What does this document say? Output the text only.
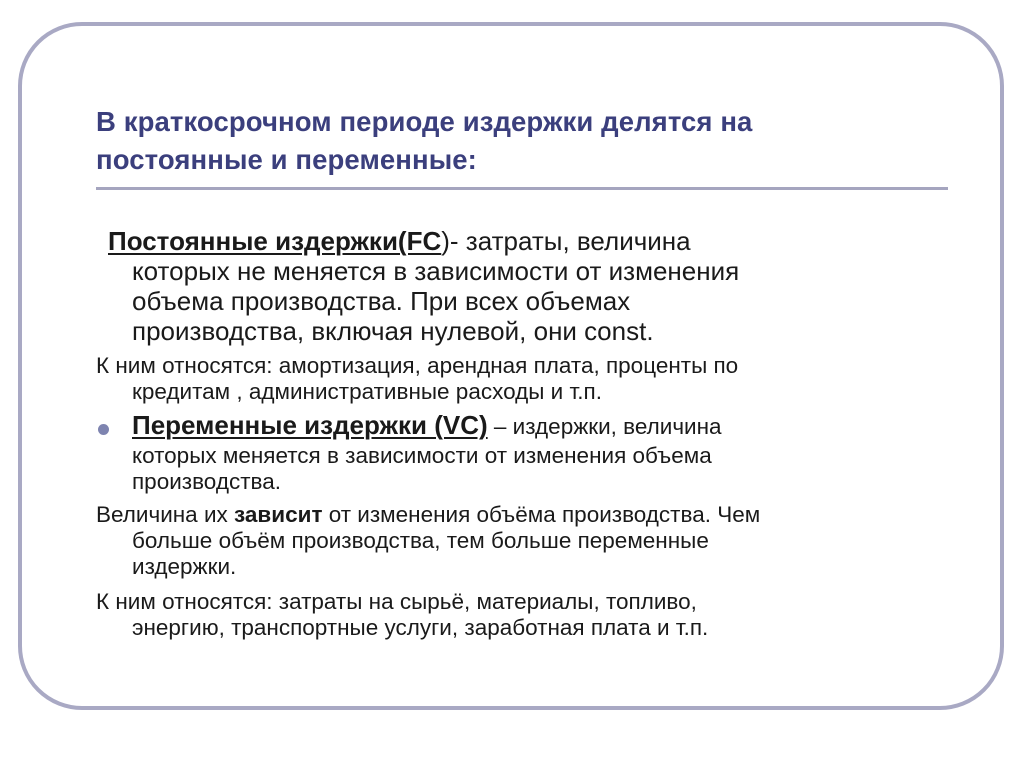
В краткосрочном периоде издержки делятся на
постоянные и переменные:
Постоянные издержки(FC)- затраты, величина
которых не меняется в зависимости от изменения
объема производства. При всех объемах
производства, включая нулевой, они const.
К ним относятся: амортизация, арендная плата, проценты по
кредитам , административные расходы и т.п.
Переменные издержки (VC) – издержки, величина
которых меняется в зависимости от изменения объема
производства.
Величина их зависит от изменения объёма производства. Чем
больше объём производства, тем больше переменные
издержки.
К ним относятся: затраты на сырьё, материалы, топливо,
энергию, транспортные услуги, заработная плата и т.п.
